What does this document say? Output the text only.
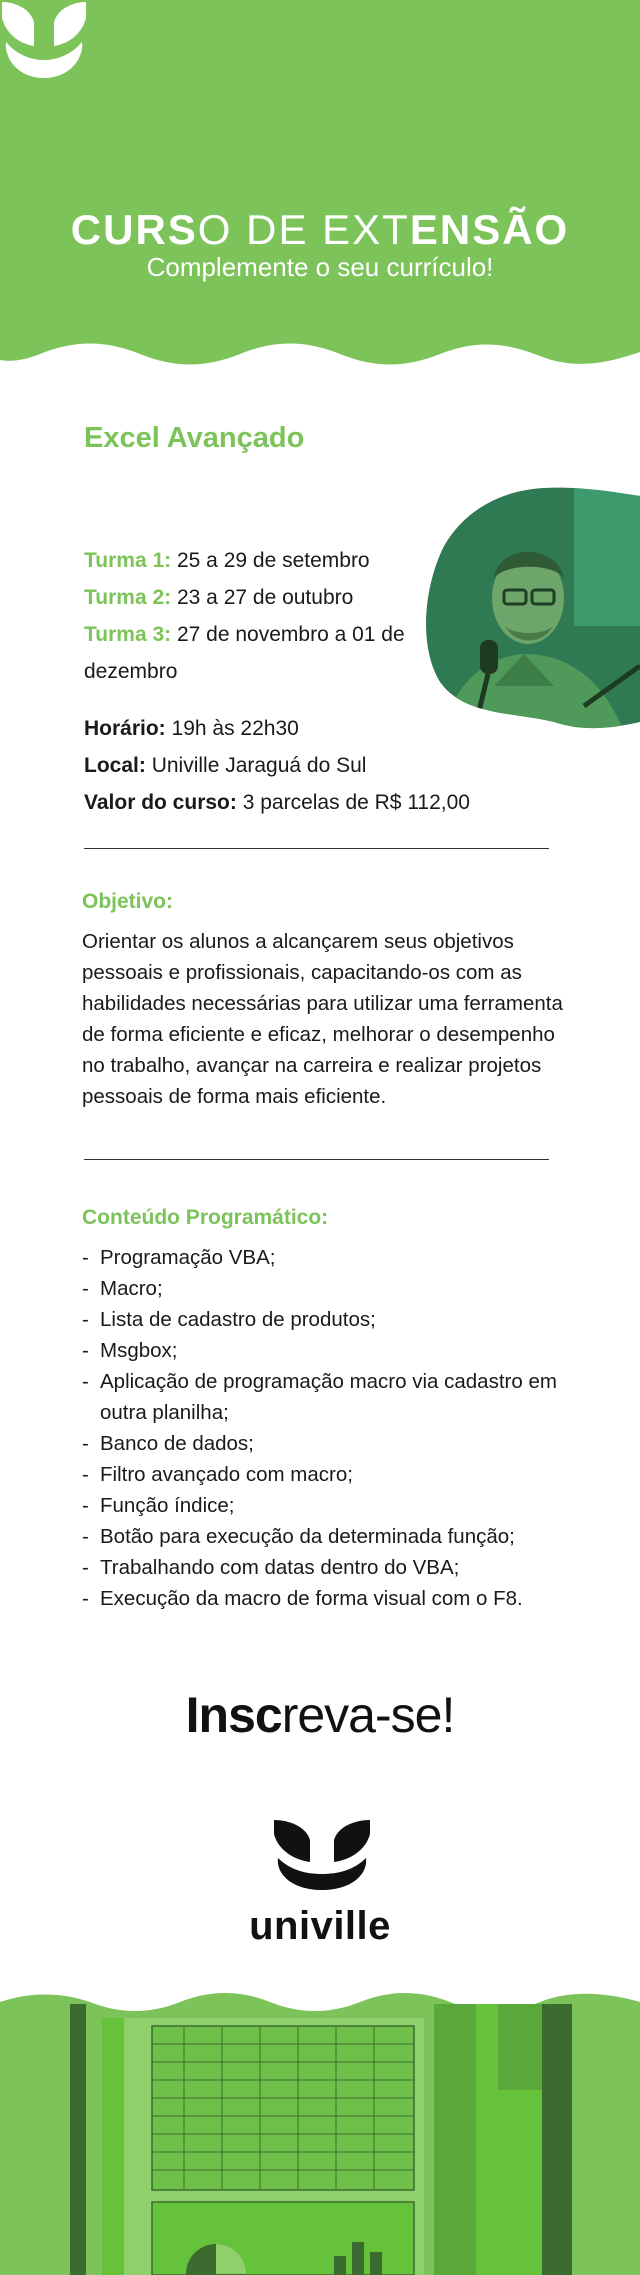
CURSO DE EXTENSÃO
Complemente o seu currículo!
Excel Avançado
Turma 1: 25 a 29 de setembro
Turma 2: 23 a 27 de outubro
Turma 3: 27 de novembro a 01 de dezembro
Horário: 19h às 22h30
Local: Univille Jaraguá do Sul
Valor do curso: 3 parcelas de R$ 112,00
Objetivo:
Orientar os alunos a alcançarem seus objetivos pessoais e profissionais, capacitando-os com as habilidades necessárias para utilizar uma ferramenta de forma eficiente e eficaz, melhorar o desempenho no trabalho, avançar na carreira e realizar projetos pessoais de forma mais eficiente.
Conteúdo Programático:
- Programação VBA;
- Macro;
- Lista de cadastro de produtos;
- Msgbox;
- Aplicação de programação macro via cadastro em outra planilha;
- Banco de dados;
- Filtro avançado com macro;
- Função índice;
- Botão para execução da determinada função;
- Trabalhando com datas dentro do VBA;
- Execução da macro de forma visual com o F8.
Inscreva-se!
univille
